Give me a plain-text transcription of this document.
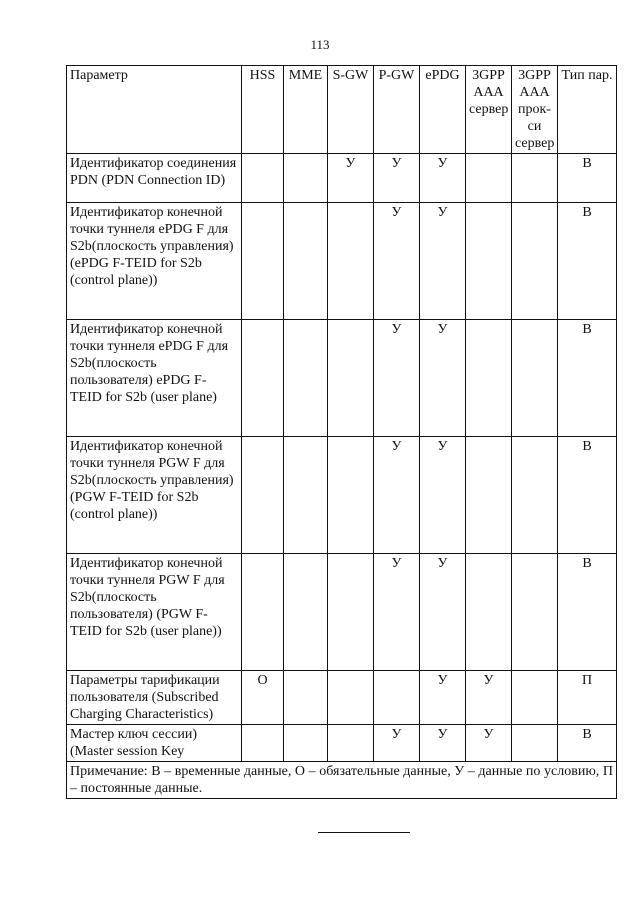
113
Параметр	HSS	MME	S-GW	P-GW	ePDG	3GPP AAA сервер	3GPP AAA прок-си сервер	Тип пар.
Идентификатор соединения PDN (PDN Connection ID)			У	У	У			В
Идентификатор конечной точки туннеля ePDG F для S2b(плоскость управления) (ePDG F-TEID for S2b (control plane))				У	У			В
Идентификатор конечной точки туннеля ePDG F для S2b(плоскость пользователя) ePDG F-TEID for S2b (user plane)				У	У			В
Идентификатор конечной точки туннеля PGW F для S2b(плоскость управления) (PGW F-TEID for S2b (control plane))				У	У			В
Идентификатор конечной точки туннеля PGW F для S2b(плоскость пользователя) (PGW F-TEID for S2b (user plane))				У	У			В
Параметры тарификации пользователя (Subscribed Charging Characteristics)	О				У	У		П
Мастер ключ сессии) (Master session Key				У	У	У		В
Примечание: В – временные данные, О – обязательные данные, У – данные по условию, П – постоянные данные.								
